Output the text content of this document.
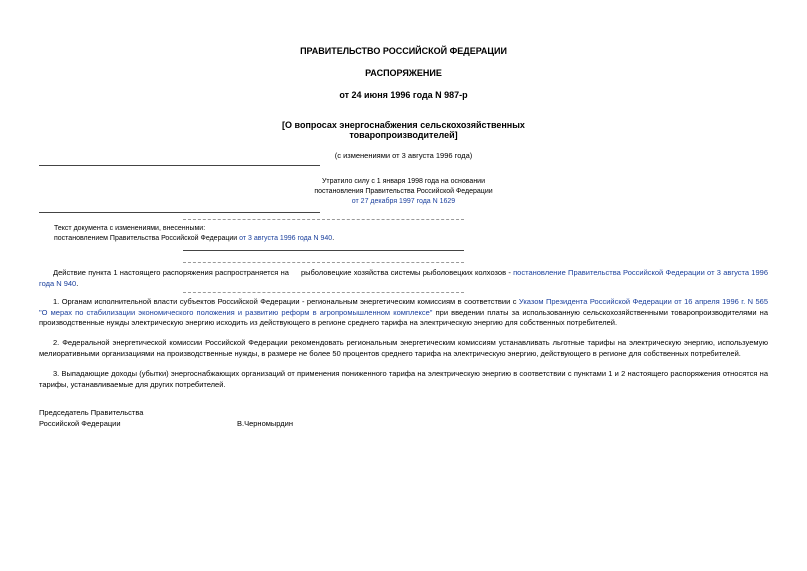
ПРАВИТЕЛЬСТВО РОССИЙСКОЙ ФЕДЕРАЦИИ
РАСПОРЯЖЕНИЕ
от 24 июня 1996 года N 987-р
[О вопросах энергоснабжения сельскохозяйственных
товаропроизводителей]
(с изменениями от 3 августа 1996 года)
Утратило силу с 1 января 1998 года на основании
постановления Правительства Российской Федерации
от 27 декабря 1997 года N 1629
Текст документа с изменениями, внесенными:
постановлением Правительства Российской Федерации от 3 августа 1996 года N 940.
Действие пункта 1 настоящего распоряжения распространяется на рыболовецкие хозяйства системы рыболовецких колхозов - постановление Правительства Российской Федерации от 3 августа 1996 года N 940.
1. Органам исполнительной власти субъектов Российской Федерации - региональным энергетическим комиссиям в соответствии с Указом Президента Российской Федерации от 16 апреля 1996 г. N 565 "О мерах по стабилизации экономического положения и развитию реформ в агропромышленном комплексе" при введении платы за использованную сельскохозяйственными товаропроизводителями на производственные нужды электрическую энергию исходить из действующего в регионе среднего тарифа на электрическую энергию для собственных потребителей.
2. Федеральной энергетической комиссии Российской Федерации рекомендовать региональным энергетическим комиссиям устанавливать льготные тарифы на электрическую энергию, используемую мелиоративными организациями на производственные нужды, в размере не более 50 процентов среднего тарифа на электрическую энергию, действующего в регионе для собственных потребителей.
3. Выпадающие доходы (убытки) энергоснабжающих организаций от применения пониженного тарифа на электрическую энергию в соответствии с пунктами 1 и 2 настоящего распоряжения относятся на тарифы, устанавливаемые для других потребителей.
Председатель Правительства
Российской Федерации	В.Черномырдин
